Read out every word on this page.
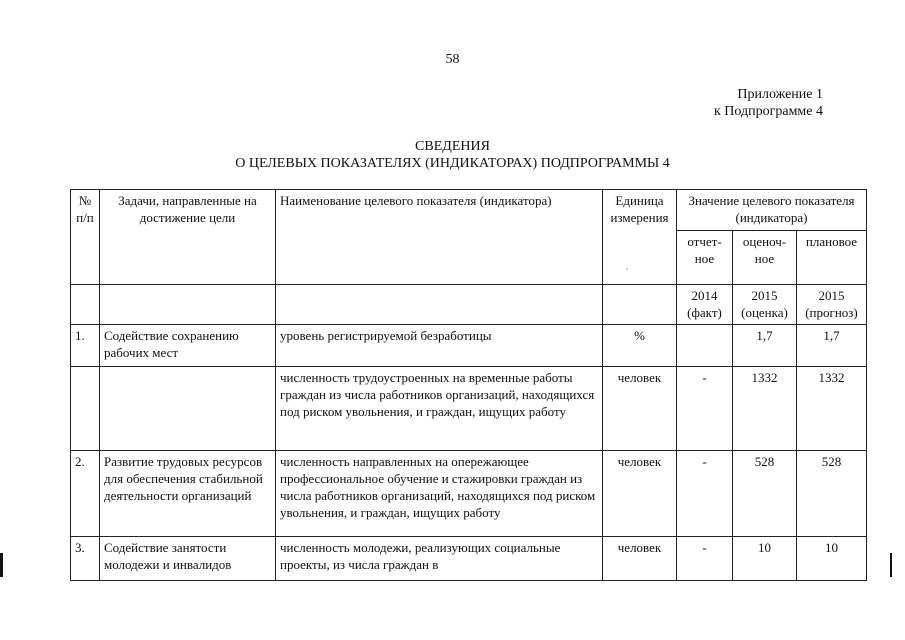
58
Приложение 1
к Подпрограмме 4
СВЕДЕНИЯ
О ЦЕЛЕВЫХ ПОКАЗАТЕЛЯХ (ИНДИКАТОРАХ) ПОДПРОГРАММЫ 4
№ п/п	Задачи, направленные на достижение цели	Наименование целевого показателя (индикатора)	Единица измерения	Значение целевого показателя (индикатора)		
				отчет-ное	оценоч-ное	плановое
				2014 (факт)	2015 (оценка)	2015 (прогноз)
1.	Содействие сохранению рабочих мест	уровень регистрируемой безработицы	%		1,7	1,7
		численность трудоустроенных на временные работы граждан из числа работников организаций, находящихся под риском увольнения, и граждан, ищущих работу	человек	-	1332	1332
2.	Развитие трудовых ресурсов для обеспечения стабильной деятельности организаций	численность направленных на опережающее профессиональное обучение и стажировки граждан из числа работников организаций, находящихся под риском увольнения, и граждан, ищущих работу	человек	-	528	528
3.	Содействие занятости молодежи и инвалидов	численность молодежи, реализующих социальные проекты, из числа граждан в	человек	-	10	10
